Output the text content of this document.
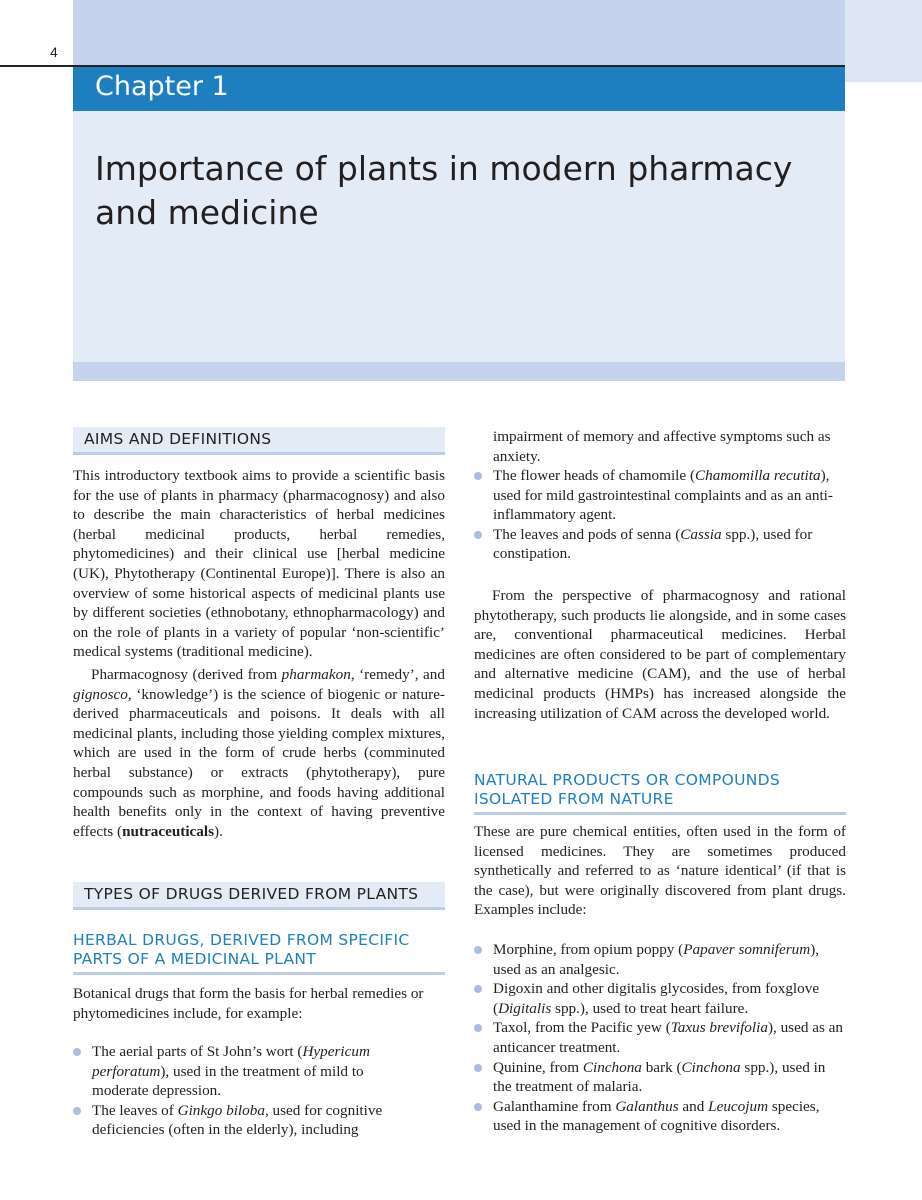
4
Chapter 1
Importance of plants in modern pharmacy and medicine
AIMS AND DEFINITIONS

This introductory textbook aims to provide a scientific basis for the use of plants in pharmacy (pharmacognosy) and also to describe the main characteristics of herbal medicines (herbal medicinal products, herbal remedies, phytomedicines) and their clinical use [herbal medicine (UK), Phytotherapy (Continental Europe)]. There is also an overview of some historical aspects of medicinal plants use by different societies (ethnobotany, ethnopharmacology) and on the role of plants in a variety of popular ‘non-scientific’ medical systems (traditional medicine).

Pharmacognosy (derived from pharmakon, ‘remedy’, and gignosco, ‘knowledge’) is the science of biogenic or nature-derived pharmaceuticals and poisons. It deals with all medicinal plants, including those yielding complex mixtures, which are used in the form of crude herbs (comminuted herbal substance) or extracts (phytotherapy), pure compounds such as morphine, and foods having additional health benefits only in the context of having preventive effects (nutraceuticals).

TYPES OF DRUGS DERIVED FROM PLANTS
HERBAL DRUGS, DERIVED FROM SPECIFIC PARTS OF A MEDICINAL PLANT

Botanical drugs that form the basis for herbal remedies or phytomedicines include, for example:

The aerial parts of St John’s wort (Hypericum perforatum), used in the treatment of mild to moderate depression.
The leaves of Ginkgo biloba, used for cognitive deficiencies (often in the elderly), including

impairment of memory and affective symptoms such as anxiety.

The flower heads of chamomile (Chamomilla recutita), used for mild gastrointestinal complaints and as an anti-inflammatory agent.
The leaves and pods of senna (Cassia spp.), used for constipation.

From the perspective of pharmacognosy and rational phytotherapy, such products lie alongside, and in some cases are, conventional pharmaceutical medicines. Herbal medicines are often considered to be part of complementary and alternative medicine (CAM), and the use of herbal medicinal products (HMPs) has increased alongside the increasing utilization of CAM across the developed world.

NATURAL PRODUCTS OR COMPOUNDS ISOLATED FROM NATURE

These are pure chemical entities, often used in the form of licensed medicines. They are sometimes produced synthetically and referred to as ‘nature identical’ (if that is the case), but were originally discovered from plant drugs. Examples include:

Morphine, from opium poppy (Papaver somniferum), used as an analgesic.
Digoxin and other digitalis glycosides, from foxglove (Digitalis spp.), used to treat heart failure.
Taxol, from the Pacific yew (Taxus brevifolia), used as an anticancer treatment.
Quinine, from Cinchona bark (Cinchona spp.), used in the treatment of malaria.
Galanthamine from Galanthus and Leucojum species, used in the management of cognitive disorders.
